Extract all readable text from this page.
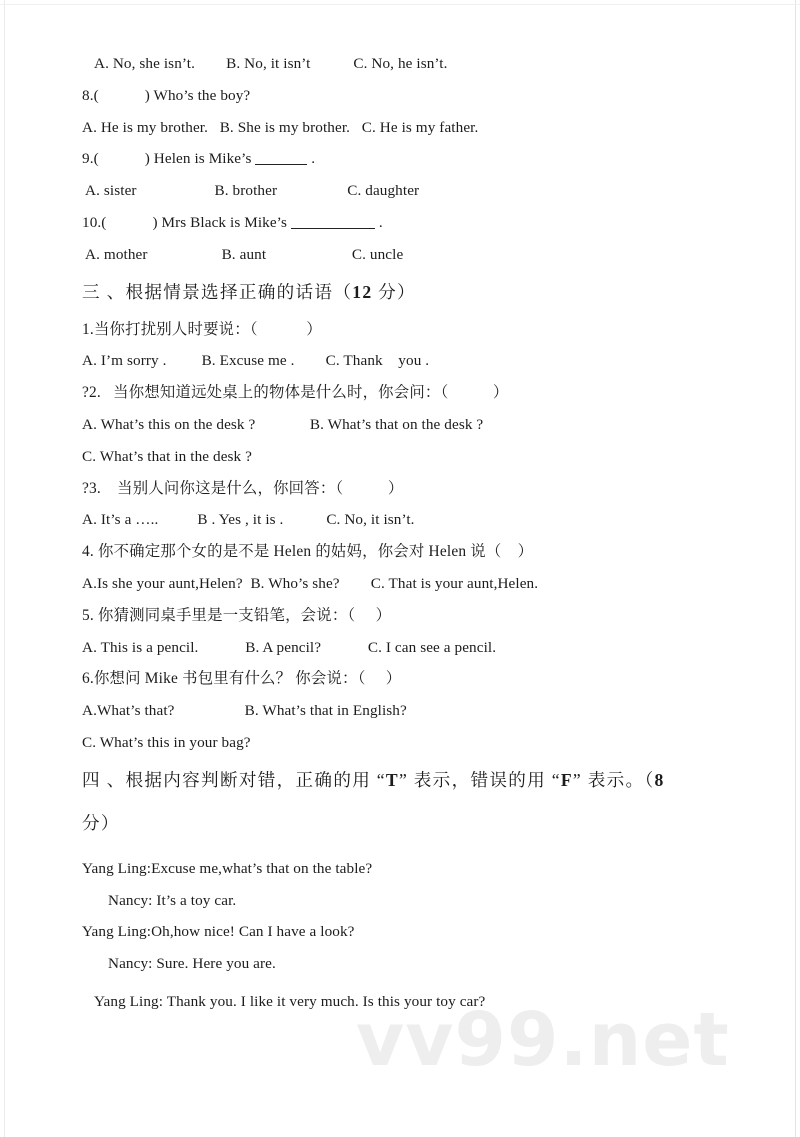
A. No, she isn’t.        B. No, it isn’t           C. No, he isn’t.
8.(	) Who’s the boy?
A. He is my brother.   B. She is my brother.   C. He is my father.
9.(	) Helen is Mike’s	.
A. sister                    B. brother                  C. daughter
10.(	) Mrs Black is Mike’s	.
A. mother                   B. aunt                      C. uncle
三 、根据情景选择正确的话语（12 分）
1.当你打扰别人时要说：（            ）
A. I’m sorry .         B. Excuse me .        C. Thank    you .
?2.   当你想知道远处桌上的物体是什么时，你会问：（           ）
A. What’s this on the desk ?              B. What’s that on the desk ?
C. What’s that in the desk ?
?3.    当别人问你这是什么，你回答：（           ）
A. It’s a …..          B . Yes , it is .           C. No, it isn’t.
4. 你不确定那个女的是不是 Helen 的姑妈，你会对 Helen 说（    ）
A.Is she your aunt,Helen?  B. Who’s she?        C. That is your aunt,Helen.
5. 你猜测同桌手里是一支铅笔，会说：（     ）
A. This is a pencil.            B. A pencil?            C. I can see a pencil.
6.你想问 Mike 书包里有什么？ 你会说：（     ）
A.What’s that?                  B. What’s that in English?
C. What’s this in your bag?
四 、根据内容判断对错，正确的用 “T” 表示，错误的用 “F” 表示。（8
分）
Yang Ling:Excuse me,what’s that on the table?
Nancy: It’s a toy car.
Yang Ling:Oh,how nice! Can I have a look?
Nancy: Sure. Here you are.
Yang Ling: Thank you. I like it very much. Is this your toy car?
vv99.net
